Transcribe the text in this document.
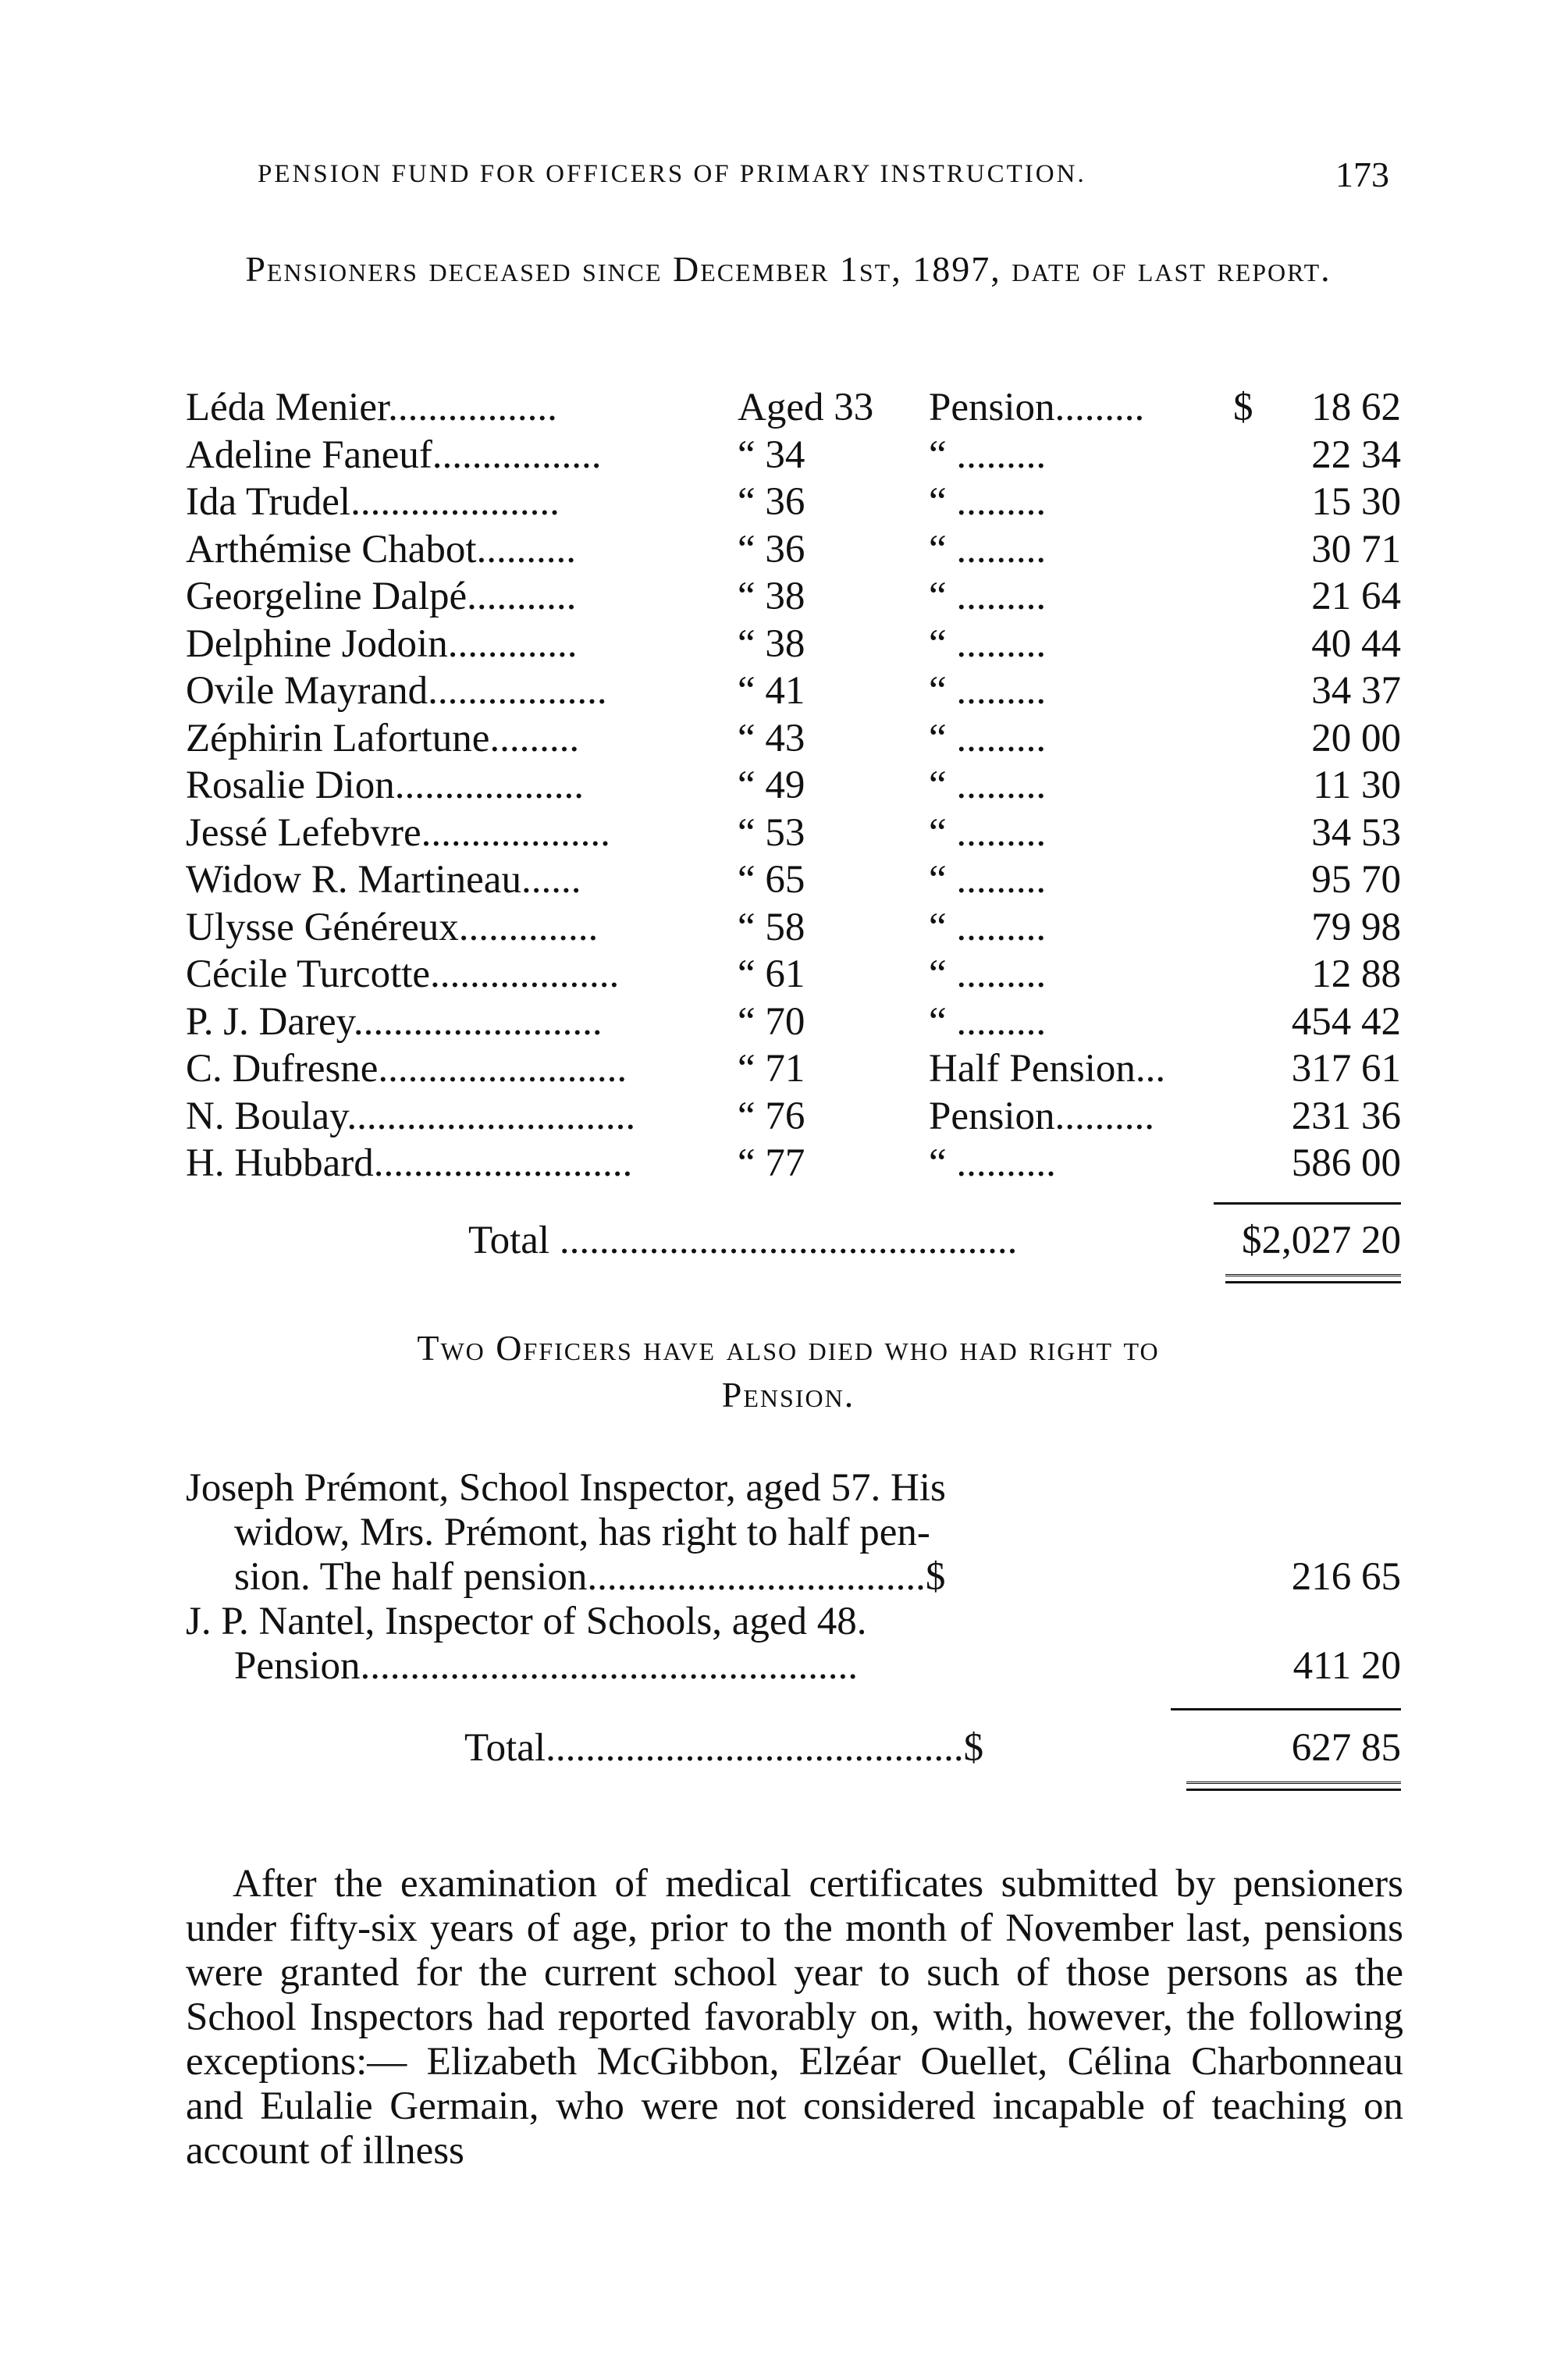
PENSION FUND FOR OFFICERS OF PRIMARY INSTRUCTION.	173
Pensioners deceased since December 1st, 1897, date of last report.
Léda Menier.................	Aged 33	Pension.........	$	18 62
Adeline Faneuf.................	“ 34	“ .........	22 34
Ida Trudel.....................	“ 36	“ .........	15 30
Arthémise Chabot..........	“ 36	“ .........	30 71
Georgeline Dalpé...........	“ 38	“ .........	21 64
Delphine Jodoin.............	“ 38	“ .........	40 44
Ovile Mayrand..................	“ 41	“ .........	34 37
Zéphirin Lafortune.........	“ 43	“ .........	20 00
Rosalie Dion...................	“ 49	“ .........	11 30
Jessé Lefebvre...................	“ 53	“ .........	34 53
Widow R. Martineau......	“ 65	“ .........	95 70
Ulysse Généreux..............	“ 58	“ .........	79 98
Cécile Turcotte...................	“ 61	“ .........	12 88
P. J. Darey.........................	“ 70	“ .........	454 42
C. Dufresne.........................	“ 71	Half Pension...	317 61
N. Boulay.............................	“ 76	Pension..........	231 36
H. Hubbard..........................	“ 77	“ ..........	586 00
Total ..............................................	$2,027 20
Two Officers have also died who had right to
Pension.
Joseph Prémont, School Inspector, aged 57. His
widow, Mrs. Prémont, has right to half pen-
sion. The half pension..................................$	216 65
J. P. Nantel, Inspector of Schools, aged 48.
Pension..................................................	411 20
Total..........................................$	627 85
After the examination of medical certificates submitted by pensioners under fifty-six years of age, prior to the month of November last, pensions were granted for the current school year to such of those persons as the School Inspectors had reported favorably on, with, however, the following exceptions:— Elizabeth McGibbon, Elzéar Ouellet, Célina Charbonneau and Eulalie Germain, who were not considered incapable of teaching on account of illness
